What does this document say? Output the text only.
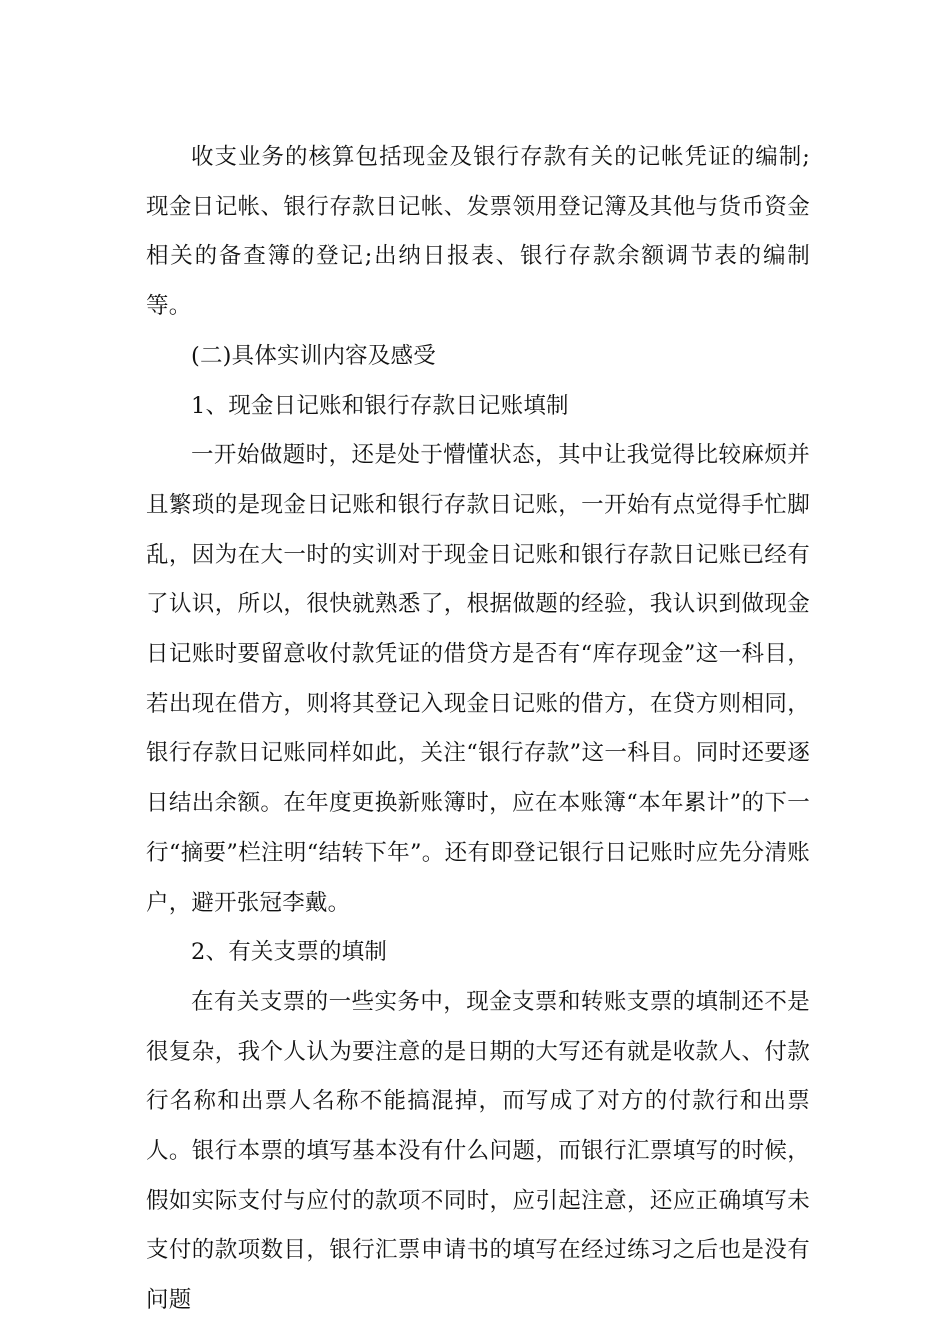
收支业务的核算包括现金及银行存款有关的记帐凭证的编制;现金日记帐、银行存款日记帐、发票领用登记簿及其他与货币资金相关的备查簿的登记;出纳日报表、银行存款余额调节表的编制等。

(二)具体实训内容及感受

1、现金日记账和银行存款日记账填制

一开始做题时，还是处于懵懂状态，其中让我觉得比较麻烦并且繁琐的是现金日记账和银行存款日记账，一开始有点觉得手忙脚乱，因为在大一时的实训对于现金日记账和银行存款日记账已经有了认识，所以，很快就熟悉了，根据做题的经验，我认识到做现金日记账时要留意收付款凭证的借贷方是否有“库存现金”这一科目，若出现在借方，则将其登记入现金日记账的借方，在贷方则相同，银行存款日记账同样如此，关注“银行存款”这一科目。同时还要逐日结出余额。在年度更换新账簿时，应在本账簿“本年累计”的下一行“摘要”栏注明“结转下年”。还有即登记银行日记账时应先分清账户，避开张冠李戴。

2、有关支票的填制

在有关支票的一些实务中，现金支票和转账支票的填制还不是很复杂，我个人认为要注意的是日期的大写还有就是收款人、付款行名称和出票人名称不能搞混掉，而写成了对方的付款行和出票人。银行本票的填写基本没有什么问题，而银行汇票填写的时候，假如实际支付与应付的款项不同时，应引起注意，还应正确填写未支付的款项数目，银行汇票申请书的填写在经过练习之后也是没有问题
